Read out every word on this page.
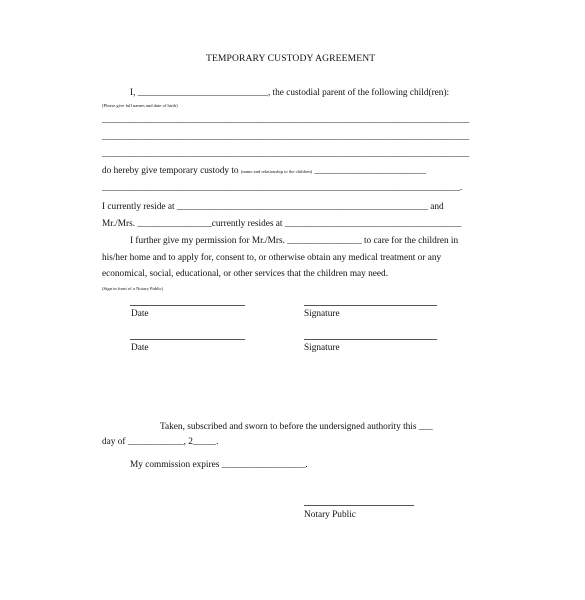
TEMPORARY CUSTODY AGREEMENT
I, ____________________________, the custodial parent of the following child(ren):
(Please give full names and date of birth)
_______________________________________________________________________________
_______________________________________________________________________________
_______________________________________________________________________________
do hereby give temporary custody to (name and relationship to the children) ________________________
_____________________________________________________________________________.
I currently reside at ______________________________________________________ and
Mr./Mrs. ________________currently resides at ______________________________________
I further give my permission for Mr./Mrs. ________________ to care for the children in
his/her home and to apply for, consent to, or otherwise obtain any medical treatment or any
economical, social, educational, or other services that the children may need.
(Sign in front of a Notary Public)
Date	Signature
Date	Signature
Taken, subscribed and sworn to before the undersigned authority this ___
day of ____________, 2_____.
My commission expires __________________.
Notary Public
